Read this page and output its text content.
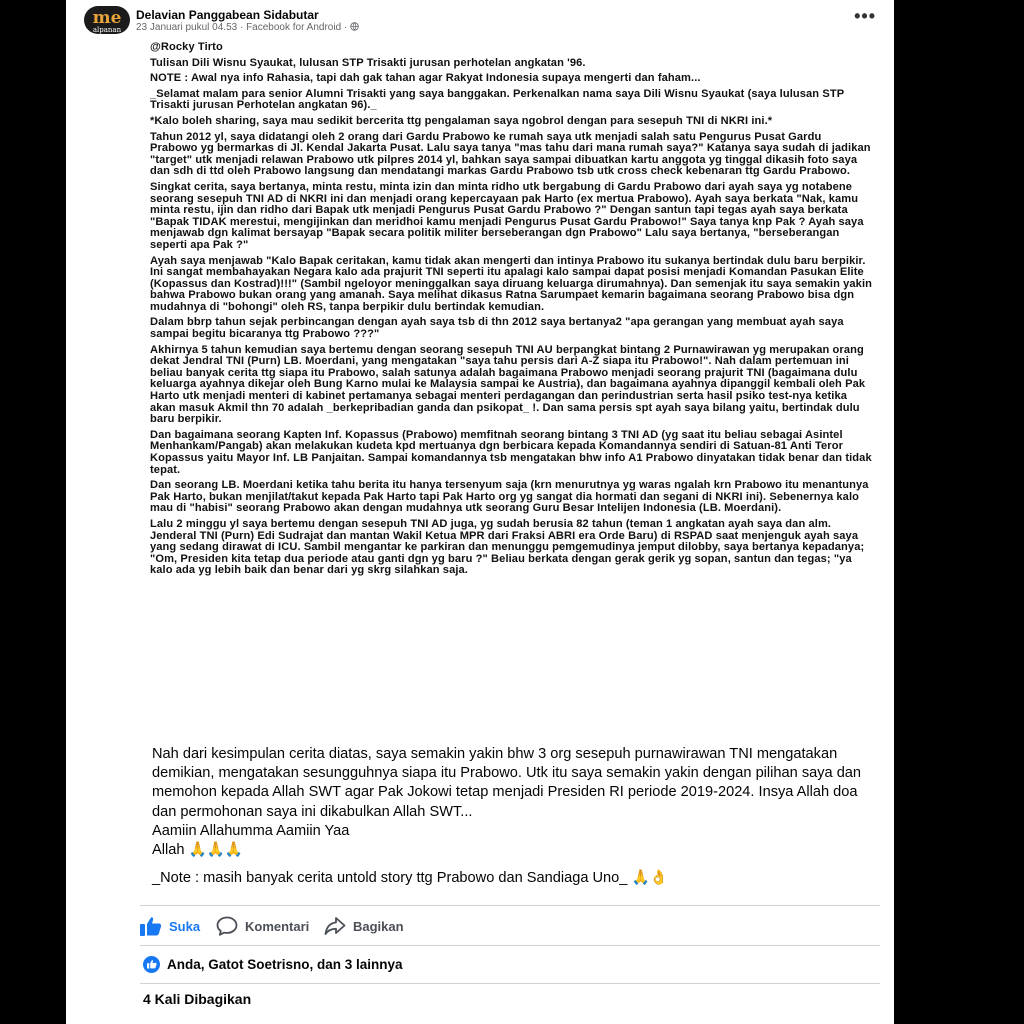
me
alpanan
Delavian Panggabean Sidabutar
23 Januari pukul 04.53 · Facebook for Android ·
•••

@Rocky Tirto

Tulisan Dili Wisnu Syaukat, lulusan STP Trisakti jurusan perhotelan angkatan '96.

NOTE : Awal nya info Rahasia, tapi dah gak tahan agar Rakyat Indonesia supaya mengerti dan faham...

_Selamat malam para senior Alumni Trisakti yang saya banggakan. Perkenalkan nama saya Dili Wisnu Syaukat (saya lulusan STP Trisakti jurusan Perhotelan angkatan 96)._

*Kalo boleh sharing, saya mau sedikit bercerita ttg pengalaman saya ngobrol dengan para sesepuh TNI di NKRI ini.*

Tahun 2012 yl, saya didatangi oleh 2 orang dari Gardu Prabowo ke rumah saya utk menjadi salah satu Pengurus Pusat Gardu Prabowo yg bermarkas di Jl. Kendal Jakarta Pusat. Lalu saya tanya "mas tahu dari mana rumah saya?" Katanya saya sudah di jadikan "target" utk menjadi relawan Prabowo utk pilpres 2014 yl, bahkan saya sampai dibuatkan kartu anggota yg tinggal dikasih foto saya dan sdh di ttd oleh Prabowo langsung dan mendatangi markas Gardu Prabowo tsb utk cross check kebenaran ttg Gardu Prabowo.

Singkat cerita, saya bertanya, minta restu, minta izin dan minta ridho utk bergabung di Gardu Prabowo dari ayah saya yg notabene seorang sesepuh TNI AD di NKRI ini dan menjadi orang kepercayaan pak Harto (ex mertua Prabowo). Ayah saya berkata "Nak, kamu minta restu, ijin dan ridho dari Bapak utk menjadi Pengurus Pusat Gardu Prabowo ?" Dengan santun tapi tegas ayah saya berkata "Bapak TIDAK merestui, mengijinkan dan meridhoi kamu menjadi Pengurus Pusat Gardu Prabowo!" Saya tanya knp Pak ? Ayah saya menjawab dgn kalimat bersayap "Bapak secara politik militer berseberangan dgn Prabowo" Lalu saya bertanya, "berseberangan seperti apa Pak ?"

Ayah saya menjawab "Kalo Bapak ceritakan, kamu tidak akan mengerti dan intinya Prabowo itu sukanya bertindak dulu baru berpikir. Ini sangat membahayakan Negara kalo ada prajurit TNI seperti itu apalagi kalo sampai dapat posisi menjadi Komandan Pasukan Elite (Kopassus dan Kostrad)!!!" (Sambil ngeloyor meninggalkan saya diruang keluarga dirumahnya). Dan semenjak itu saya semakin yakin bahwa Prabowo bukan orang yang amanah. Saya melihat dikasus Ratna Sarumpaet kemarin bagaimana seorang Prabowo bisa dgn mudahnya di "bohongi" oleh RS, tanpa berpikir dulu bertindak kemudian.

Dalam bbrp tahun sejak perbincangan dengan ayah saya tsb di thn 2012 saya bertanya2 "apa gerangan yang membuat ayah saya sampai begitu bicaranya ttg Prabowo ???"

Akhirnya 5 tahun kemudian saya bertemu dengan seorang sesepuh TNI AU berpangkat bintang 2 Purnawirawan yg merupakan orang dekat Jendral TNI (Purn) LB. Moerdani, yang mengatakan "saya tahu persis dari A-Z siapa itu Prabowo!". Nah dalam pertemuan ini beliau banyak cerita ttg siapa itu Prabowo, salah satunya adalah bagaimana Prabowo menjadi seorang prajurit TNI (bagaimana dulu keluarga ayahnya dikejar oleh Bung Karno mulai ke Malaysia sampai ke Austria), dan bagaimana ayahnya dipanggil kembali oleh Pak Harto utk menjadi menteri di kabinet pertamanya sebagai menteri perdagangan dan perindustrian serta hasil psiko test-nya ketika akan masuk Akmil thn 70 adalah _berkepribadian ganda dan psikopat_ !. Dan sama persis spt ayah saya bilang yaitu, bertindak dulu baru berpikir.

Dan bagaimana seorang Kapten Inf. Kopassus (Prabowo) memfitnah seorang bintang 3 TNI AD (yg saat itu beliau sebagai Asintel Menhankam/Pangab) akan melakukan kudeta kpd mertuanya dgn berbicara kepada Komandannya sendiri di Satuan-81 Anti Teror Kopassus yaitu Mayor Inf. LB Panjaitan. Sampai komandannya tsb mengatakan bhw info A1 Prabowo dinyatakan tidak benar dan tidak tepat.

Dan seorang LB. Moerdani ketika tahu berita itu hanya tersenyum saja (krn menurutnya yg waras ngalah krn Prabowo itu menantunya Pak Harto, bukan menjilat/takut kepada Pak Harto tapi Pak Harto org yg sangat dia hormati dan segani di NKRI ini). Sebenernya kalo mau di "habisi" seorang Prabowo akan dengan mudahnya utk seorang Guru Besar Intelijen Indonesia (LB. Moerdani).

Lalu 2 minggu yl saya bertemu dengan sesepuh TNI AD juga, yg sudah berusia 82 tahun (teman 1 angkatan ayah saya dan alm. Jenderal TNI (Purn) Edi Sudrajat dan mantan Wakil Ketua MPR dari Fraksi ABRI era Orde Baru) di RSPAD saat menjenguk ayah saya yang sedang dirawat di ICU. Sambil mengantar ke parkiran dan menunggu pemgemudinya jemput dilobby, saya bertanya kepadanya; "Om, Presiden kita tetap dua periode atau ganti dgn yg baru ?" Beliau berkata dengan gerak gerik yg sopan, santun dan tegas; "ya kalo ada yg lebih baik dan benar dari yg skrg silahkan saja.

Nah dari kesimpulan cerita diatas, saya semakin yakin bhw 3 org sesepuh purnawirawan TNI mengatakan demikian, mengatakan sesungguhnya siapa itu Prabowo. Utk itu saya semakin yakin dengan pilihan saya dan memohon kepada Allah SWT agar Pak Jokowi tetap menjadi Presiden RI periode 2019-2024. Insya Allah doa dan permohonan saya ini dikabulkan Allah SWT...

Aamiin Allahumma Aamiin Yaa

Allah 🙏🙏🙏

_Note : masih banyak cerita untold story ttg Prabowo dan Sandiaga Uno_ 🙏👌

Suka	Komentari	Bagikan
Anda, Gatot Soetrisno, dan 3 lainnya
4 Kali Dibagikan
